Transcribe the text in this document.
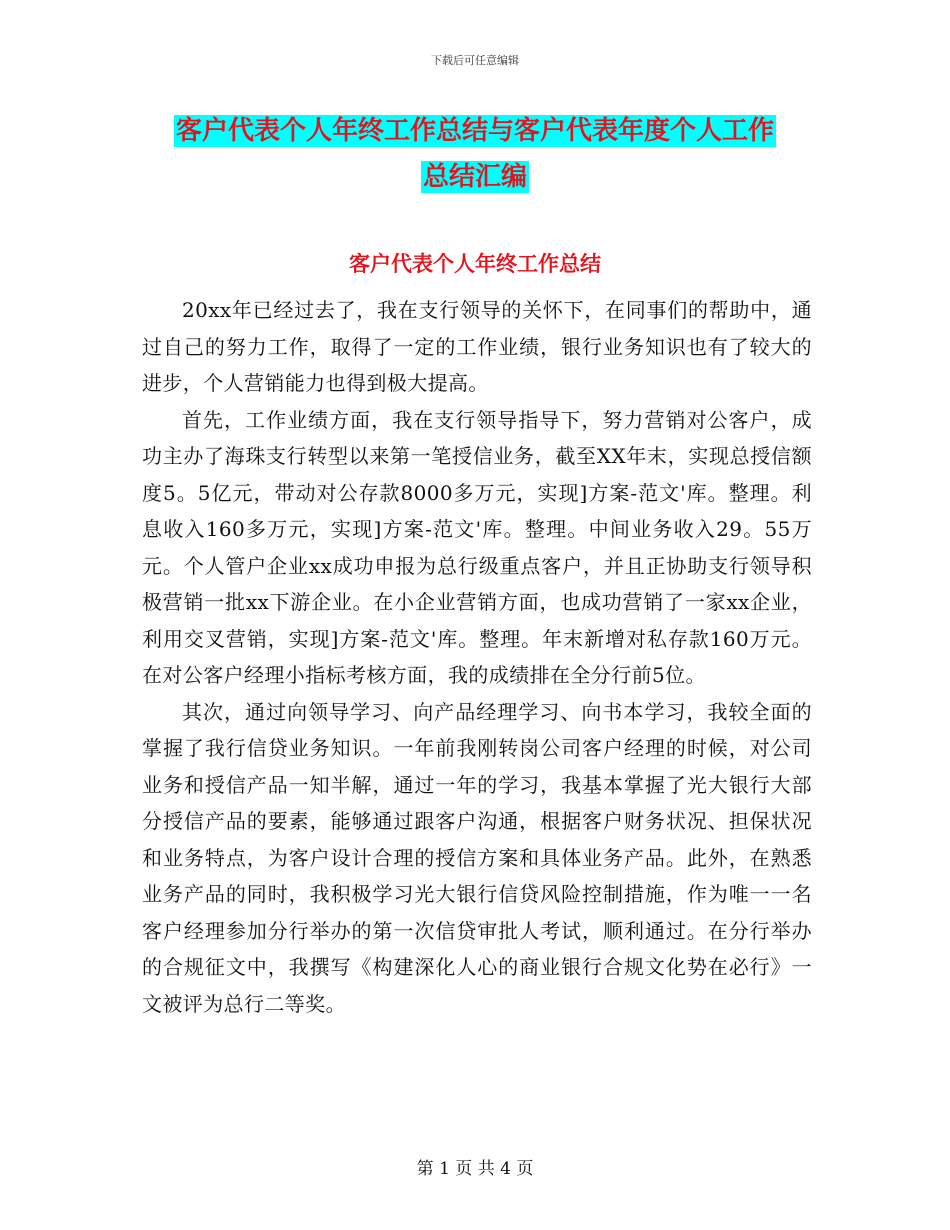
下载后可任意编辑
客户代表个人年终工作总结与客户代表年度个人工作
总结汇编
客户代表个人年终工作总结

20xx年已经过去了，我在支行领导的关怀下，在同事们的帮助中，通过自己的努力工作，取得了一定的工作业绩，银行业务知识也有了较大的进步，个人营销能力也得到极大提高。

首先，工作业绩方面，我在支行领导指导下，努力营销对公客户，成功主办了海珠支行转型以来第一笔授信业务，截至XX年末，实现总授信额度5。5亿元，带动对公存款8000多万元，实现]方案-范文'库。整理。利息收入160多万元，实现]方案-范文'库。整理。中间业务收入29。55万元。个人管户企业xx成功申报为总行级重点客户，并且正协助支行领导积极营销一批xx下游企业。在小企业营销方面，也成功营销了一家xx企业，利用交叉营销，实现]方案-范文'库。整理。年末新增对私存款160万元。在对公客户经理小指标考核方面，我的成绩排在全分行前5位。

其次，通过向领导学习、向产品经理学习、向书本学习，我较全面的掌握了我行信贷业务知识。一年前我刚转岗公司客户经理的时候，对公司业务和授信产品一知半解，通过一年的学习，我基本掌握了光大银行大部分授信产品的要素，能够通过跟客户沟通，根据客户财务状况、担保状况和业务特点，为客户设计合理的授信方案和具体业务产品。此外，在熟悉业务产品的同时，我积极学习光大银行信贷风险控制措施，作为唯一一名客户经理参加分行举办的第一次信贷审批人考试，顺利通过。在分行举办的合规征文中，我撰写《构建深化人心的商业银行合规文化势在必行》一文被评为总行二等奖。

第 1 页 共 4 页
